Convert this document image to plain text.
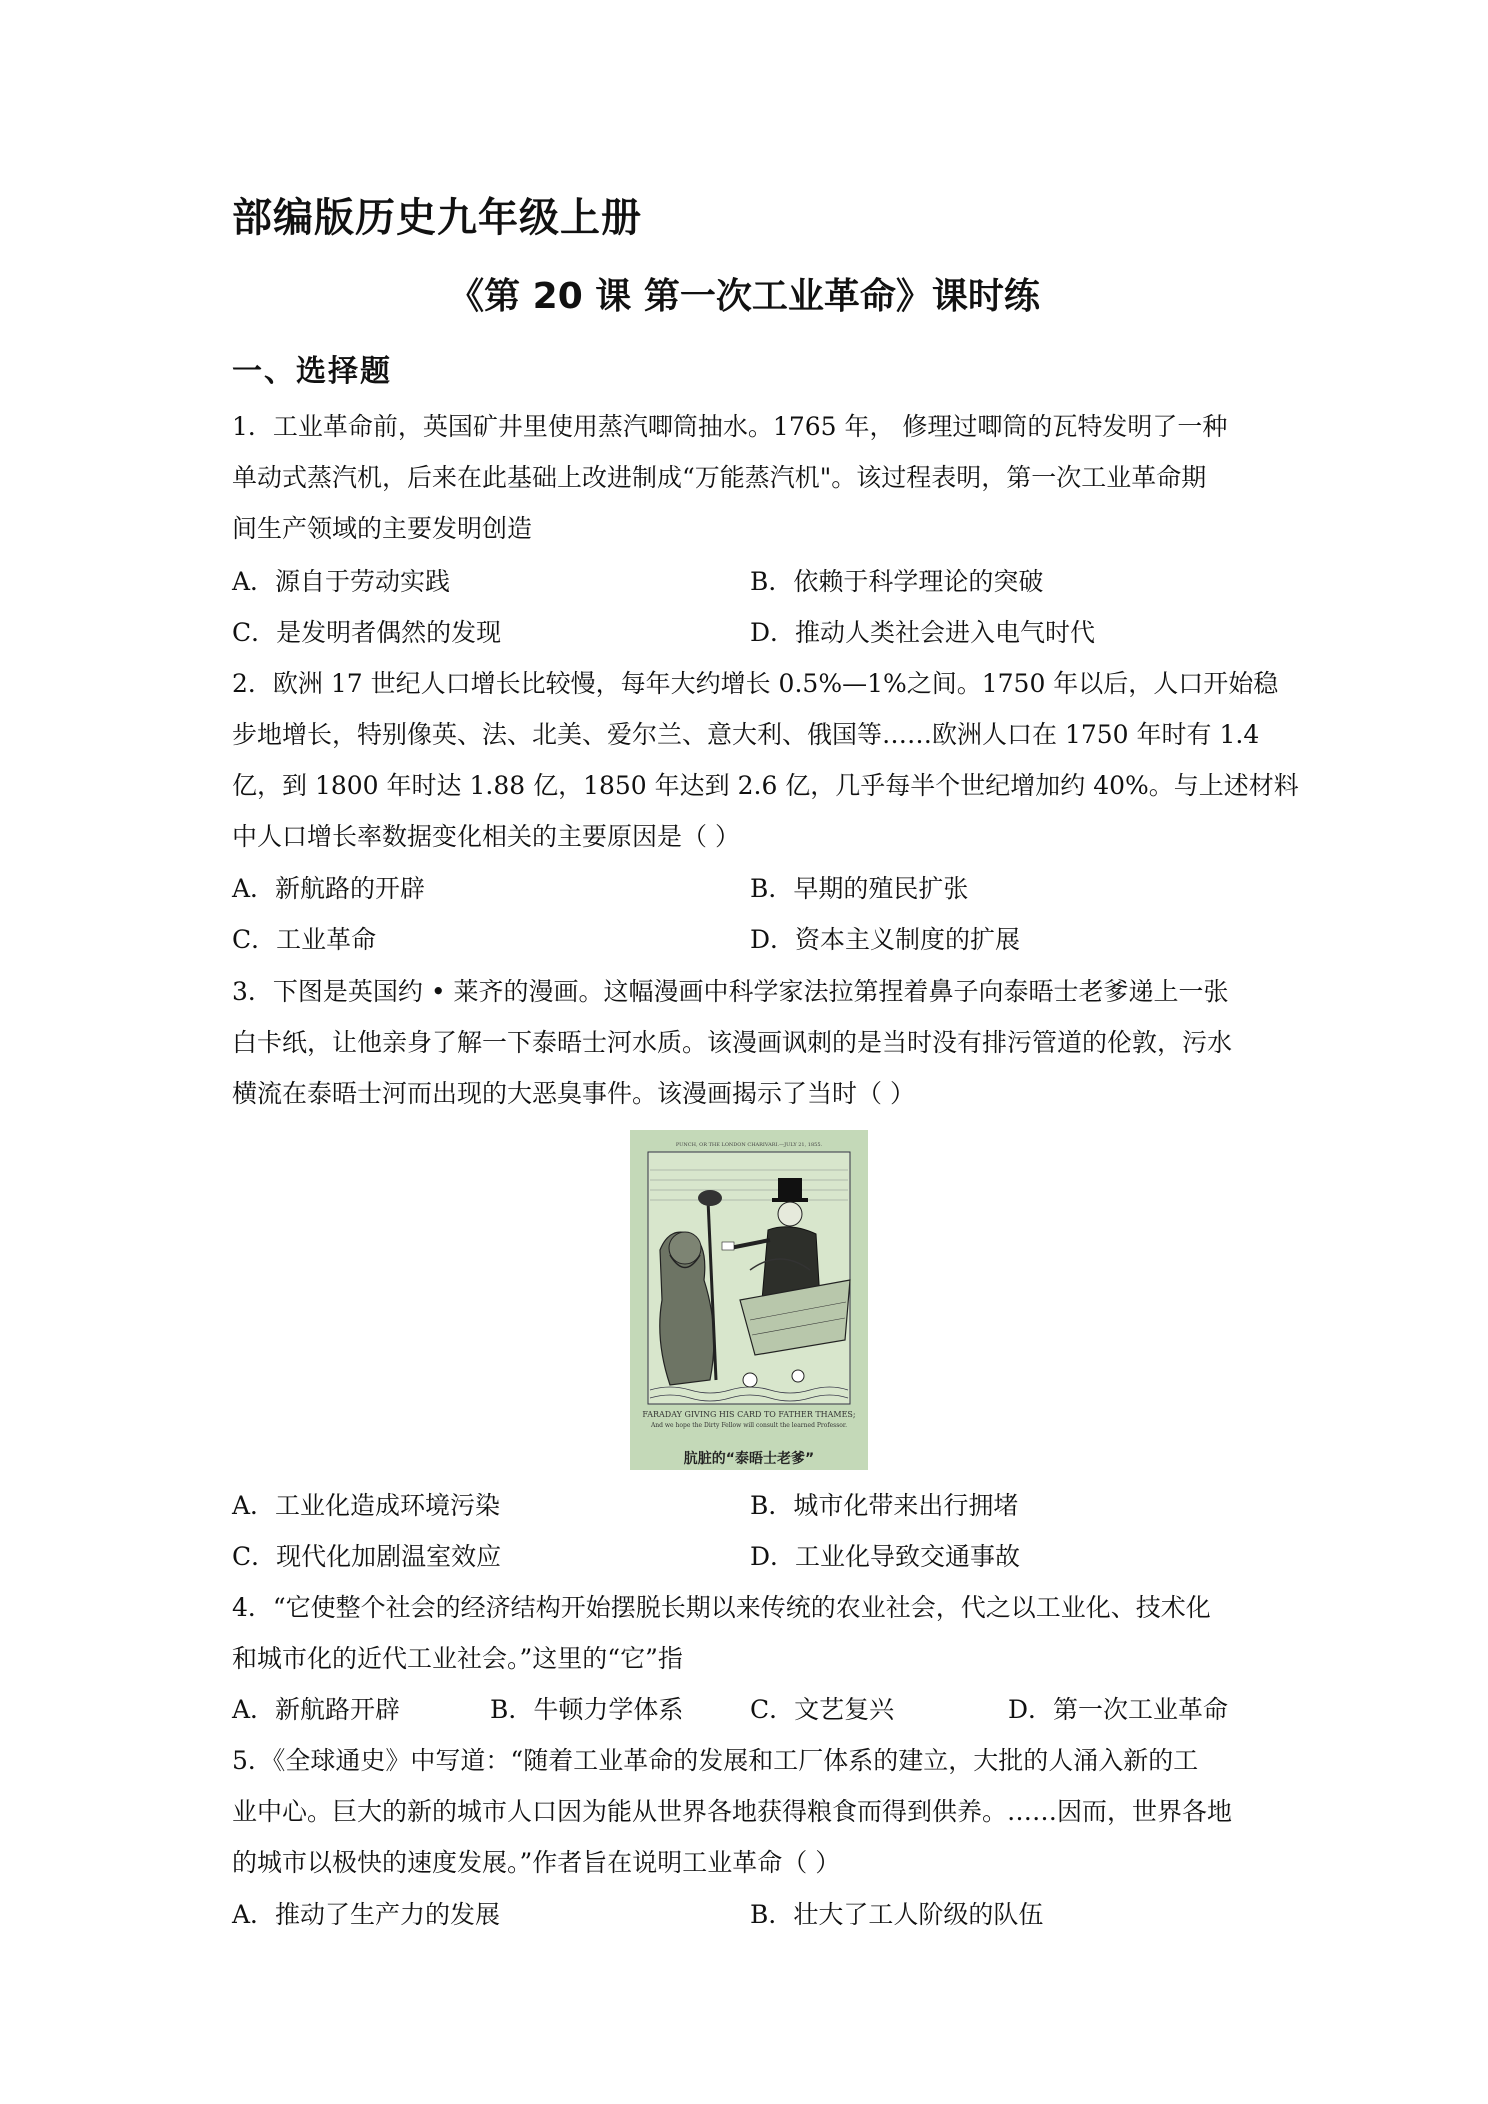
部编版历史九年级上册
《第 20 课 第一次工业革命》课时练
一、选择题
1．工业革命前，英国矿井里使用蒸汽唧筒抽水。1765 年， 修理过唧筒的瓦特发明了一种
单动式蒸汽机，后来在此基础上改进制成“万能蒸汽机"。该过程表明，第一次工业革命期
间生产领域的主要发明创造
A．源自于劳动实践	B．依赖于科学理论的突破
C．是发明者偶然的发现	D．推动人类社会进入电气时代
2．欧洲 17 世纪人口增长比较慢，每年大约增长 0.5%—1%之间。1750 年以后，人口开始稳
步地增长，特别像英、法、北美、爱尔兰、意大利、俄国等……欧洲人口在 1750 年时有 1.4
亿，到 1800 年时达 1.88 亿，1850 年达到 2.6 亿，几乎每半个世纪增加约 40%。与上述材料
中人口增长率数据变化相关的主要原因是（ ）
A．新航路的开辟	B．早期的殖民扩张
C．工业革命	D．资本主义制度的扩展
3．下图是英国约 • 莱齐的漫画。这幅漫画中科学家法拉第捏着鼻子向泰晤士老爹递上一张
白卡纸，让他亲身了解一下泰晤士河水质。该漫画讽刺的是当时没有排污管道的伦敦，污水
横流在泰晤士河而出现的大恶臭事件。该漫画揭示了当时（ ）
PUNCH, OR THE LONDON CHARIVARI.—JULY 21, 1855.
FARADAY GIVING HIS CARD TO FATHER THAMES;
And we hope the Dirty Fellow will consult the learned Professor.
肮脏的“泰晤士老爹”
A．工业化造成环境污染	B．城市化带来出行拥堵
C．现代化加剧温室效应	D．工业化导致交通事故
4．“它使整个社会的经济结构开始摆脱长期以来传统的农业社会，代之以工业化、技术化
和城市化的近代工业社会。”这里的“它”指
A．新航路开辟	B．牛顿力学体系	C．文艺复兴	D．第一次工业革命
5．《全球通史》中写道：“随着工业革命的发展和工厂体系的建立，大批的人涌入新的工
业中心。巨大的新的城市人口因为能从世界各地获得粮食而得到供养。……因而，世界各地
的城市以极快的速度发展。”作者旨在说明工业革命（ ）
A．推动了生产力的发展	B．壮大了工人阶级的队伍
